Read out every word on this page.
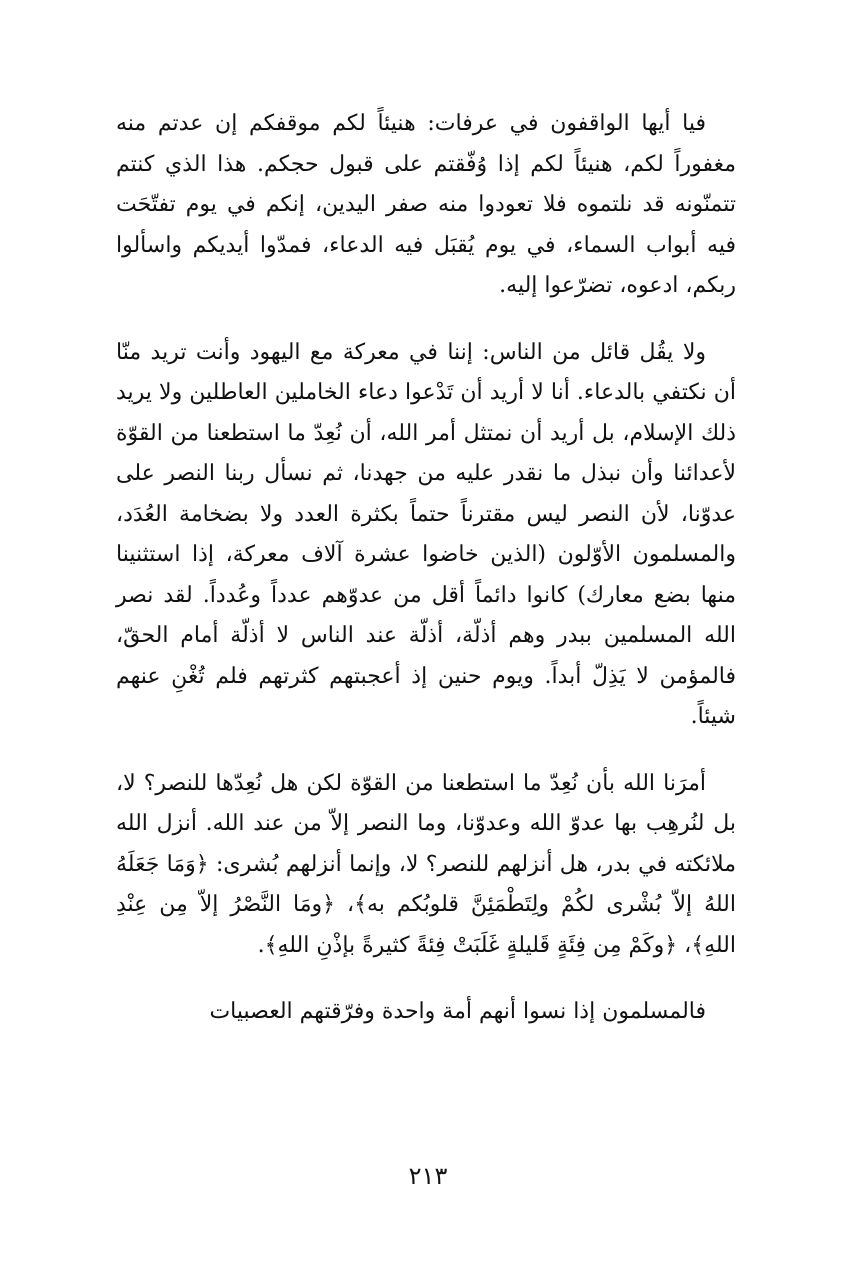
فيا أيها الواقفون في عرفات: هنيئاً لكم موقفكم إن عدتم منه مغفوراً لكم، هنيئاً لكم إذا وُفّقتم على قبول حجكم. هذا الذي كنتم تتمنّونه قد نلتموه فلا تعودوا منه صفر اليدين، إنكم في يوم تفتّحَت فيه أبواب السماء، في يوم يُقبَل فيه الدعاء، فمدّوا أيديكم واسألوا ربكم، ادعوه، تضرّعوا إليه.

ولا يقُل قائل من الناس: إننا في معركة مع اليهود وأنت تريد منّا أن نكتفي بالدعاء. أنا لا أريد أن تَدْعوا دعاء الخاملين العاطلين ولا يريد ذلك الإسلام، بل أريد أن نمتثل أمر الله، أن نُعِدّ ما استطعنا من القوّة لأعدائنا وأن نبذل ما نقدر عليه من جهدنا، ثم نسأل ربنا النصر على عدوّنا، لأن النصر ليس مقترناً حتماً بكثرة العدد ولا بضخامة العُدَد، والمسلمون الأوّلون (الذين خاضوا عشرة آلاف معركة، إذا استثنينا منها بضع معارك) كانوا دائماً أقل من عدوّهم عدداً وعُدداً. لقد نصر الله المسلمين ببدر وهم أذلّة، أذلّة عند الناس لا أذلّة أمام الحقّ، فالمؤمن لا يَذِلّ أبداً. ويوم حنين إذ أعجبتهم كثرتهم فلم تُغْنِ عنهم شيئاً.

أمرَنا الله بأن نُعِدّ ما استطعنا من القوّة لكن هل نُعِدّها للنصر؟ لا، بل لنُرهِب بها عدوّ الله وعدوّنا، وما النصر إلاّ من عند الله. أنزل الله ملائكته في بدر، هل أنزلهم للنصر؟ لا، وإنما أنزلهم بُشرى: ﴿وَمَا جَعَلَهُ اللهُ إلاّ بُشْرى لكُمْ ولِتَطْمَئِنَّ قلوبُكم به﴾، ﴿ومَا النَّصْرُ إلاّ مِن عِنْدِ اللهِ﴾، ﴿وكَمْ مِن فِئَةٍ قَليلةٍ غَلَبَتْ فِئةً كثيرةً بإذْنِ اللهِ﴾.

فالمسلمون إذا نسوا أنهم أمة واحدة وفرّقتهم العصبيات

٢١٣
